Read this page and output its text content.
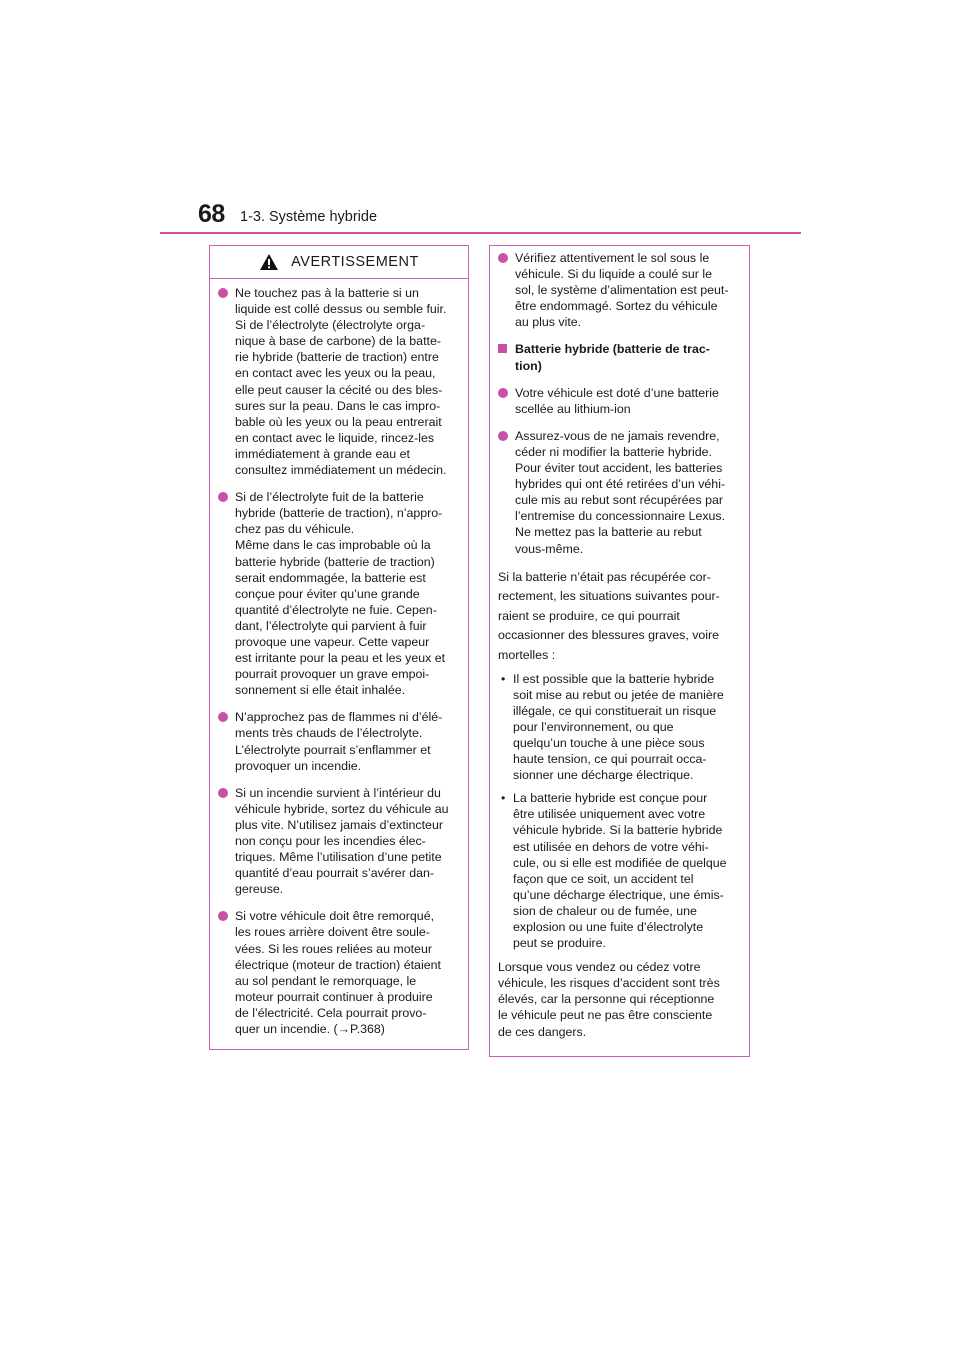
68 1-3. Système hybride
AVERTISSEMENT
Ne touchez pas à la batterie si un
liquide est collé dessus ou semble fuir.
Si de l’électrolyte (électrolyte orga-
nique à base de carbone) de la batte-
rie hybride (batterie de traction) entre
en contact avec les yeux ou la peau,
elle peut causer la cécité ou des bles-
sures sur la peau. Dans le cas impro-
bable où les yeux ou la peau entrerait
en contact avec le liquide, rincez-les
immédiatement à grande eau et
consultez immédiatement un médecin.
Si de l’électrolyte fuit de la batterie
hybride (batterie de traction), n’appro-
chez pas du véhicule.
Même dans le cas improbable où la
batterie hybride (batterie de traction)
serait endommagée, la batterie est
conçue pour éviter qu’une grande
quantité d’électrolyte ne fuie. Cepen-
dant, l’électrolyte qui parvient à fuir
provoque une vapeur. Cette vapeur
est irritante pour la peau et les yeux et
pourrait provoquer un grave empoi-
sonnement si elle était inhalée.
N’approchez pas de flammes ni d’élé-
ments très chauds de l’électrolyte.
L’électrolyte pourrait s’enflammer et
provoquer un incendie.
Si un incendie survient à l’intérieur du
véhicule hybride, sortez du véhicule au
plus vite. N’utilisez jamais d’extincteur
non conçu pour les incendies élec-
triques. Même l’utilisation d’une petite
quantité d’eau pourrait s’avérer dan-
gereuse.
Si votre véhicule doit être remorqué,
les roues arrière doivent être soule-
vées. Si les roues reliées au moteur
électrique (moteur de traction) étaient
au sol pendant le remorquage, le
moteur pourrait continuer à produire
de l’électricité. Cela pourrait provo-
quer un incendie. (→P.368)
Vérifiez attentivement le sol sous le
véhicule. Si du liquide a coulé sur le
sol, le système d’alimentation est peut-
être endommagé. Sortez du véhicule
au plus vite.
Batterie hybride (batterie de trac-
tion)
Votre véhicule est doté d’une batterie
scellée au lithium-ion
Assurez-vous de ne jamais revendre,
céder ni modifier la batterie hybride.
Pour éviter tout accident, les batteries
hybrides qui ont été retirées d’un véhi-
cule mis au rebut sont récupérées par
l’entremise du concessionnaire Lexus.
Ne mettez pas la batterie au rebut
vous-même.

Si la batterie n’était pas récupérée cor-
rectement, les situations suivantes pour-
raient se produire, ce qui pourrait
occasionner des blessures graves, voire
mortelles :

• Il est possible que la batterie hybride
soit mise au rebut ou jetée de manière
illégale, ce qui constituerait un risque
pour l’environnement, ou que
quelqu’un touche à une pièce sous
haute tension, ce qui pourrait occa-
sionner une décharge électrique.
• La batterie hybride est conçue pour
être utilisée uniquement avec votre
véhicule hybride. Si la batterie hybride
est utilisée en dehors de votre véhi-
cule, ou si elle est modifiée de quelque
façon que ce soit, un accident tel
qu’une décharge électrique, une émis-
sion de chaleur ou de fumée, une
explosion ou une fuite d’électrolyte
peut se produire.

Lorsque vous vendez ou cédez votre
véhicule, les risques d’accident sont très
élevés, car la personne qui réceptionne
le véhicule peut ne pas être consciente
de ces dangers.
